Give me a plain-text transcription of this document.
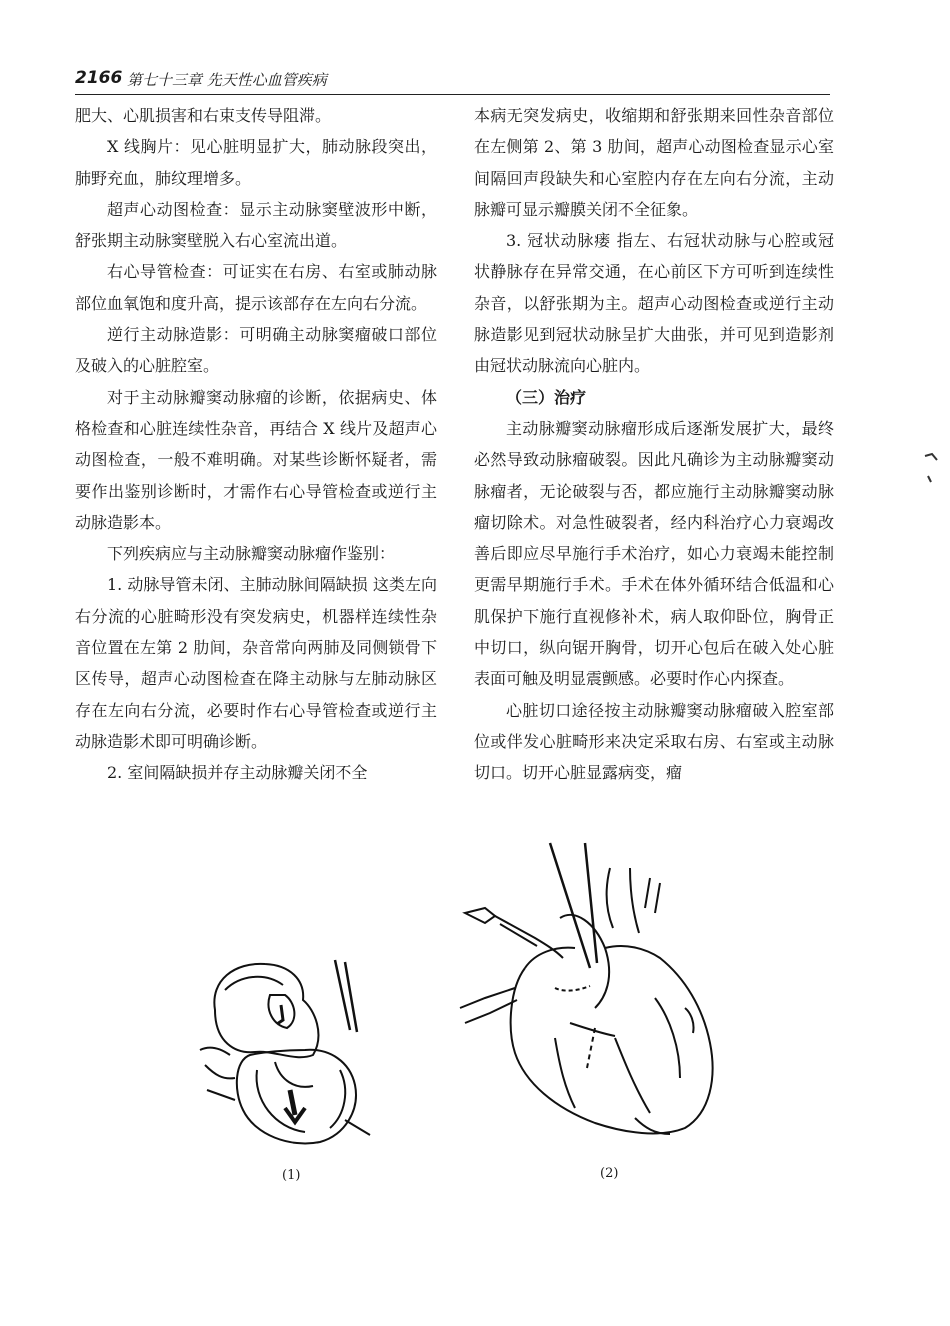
2166 第七十三章 先天性心血管疾病

肥大、心肌损害和右束支传导阻滞。

X 线胸片：见心脏明显扩大，肺动脉段突出，肺野充血，肺纹理增多。

超声心动图检查：显示主动脉窦壁波形中断，舒张期主动脉窦壁脱入右心室流出道。

右心导管检查：可证实在右房、右室或肺动脉部位血氧饱和度升高，提示该部存在左向右分流。

逆行主动脉造影：可明确主动脉窦瘤破口部位及破入的心脏腔室。

对于主动脉瓣窦动脉瘤的诊断，依据病史、体格检查和心脏连续性杂音，再结合 X 线片及超声心动图检查，一般不难明确。对某些诊断怀疑者，需要作出鉴别诊断时，才需作右心导管检查或逆行主动脉造影本。

下列疾病应与主动脉瓣窦动脉瘤作鉴别：

1. 动脉导管未闭、主肺动脉间隔缺损 这类左向右分流的心脏畸形没有突发病史，机器样连续性杂音位置在左第 2 肋间，杂音常向两肺及同侧锁骨下区传导，超声心动图检查在降主动脉与左肺动脉区存在左向右分流，必要时作右心导管检查或逆行主动脉造影术即可明确诊断。

2. 室间隔缺损并存主动脉瓣关闭不全

本病无突发病史，收缩期和舒张期来回性杂音部位在左侧第 2、第 3 肋间，超声心动图检查显示心室间隔回声段缺失和心室腔内存在左向右分流，主动脉瓣可显示瓣膜关闭不全征象。

3. 冠状动脉瘘 指左、右冠状动脉与心腔或冠状静脉存在异常交通，在心前区下方可听到连续性杂音，以舒张期为主。超声心动图检查或逆行主动脉造影见到冠状动脉呈扩大曲张，并可见到造影剂由冠状动脉流向心脏内。

（三）治疗

主动脉瓣窦动脉瘤形成后逐渐发展扩大，最终必然导致动脉瘤破裂。因此凡确诊为主动脉瓣窦动脉瘤者，无论破裂与否，都应施行主动脉瓣窦动脉瘤切除术。对急性破裂者，经内科治疗心力衰竭改善后即应尽早施行手术治疗，如心力衰竭未能控制更需早期施行手术。手术在体外循环结合低温和心肌保护下施行直视修补术，病人取仰卧位，胸骨正中切口，纵向锯开胸骨，切开心包后在破入处心脏表面可触及明显震颤感。必要时作心内探查。

心脏切口途径按主动脉瓣窦动脉瘤破入腔室部位或伴发心脏畸形来决定采取右房、右室或主动脉切口。切开心脏显露病变，瘤

(1)	(2)
